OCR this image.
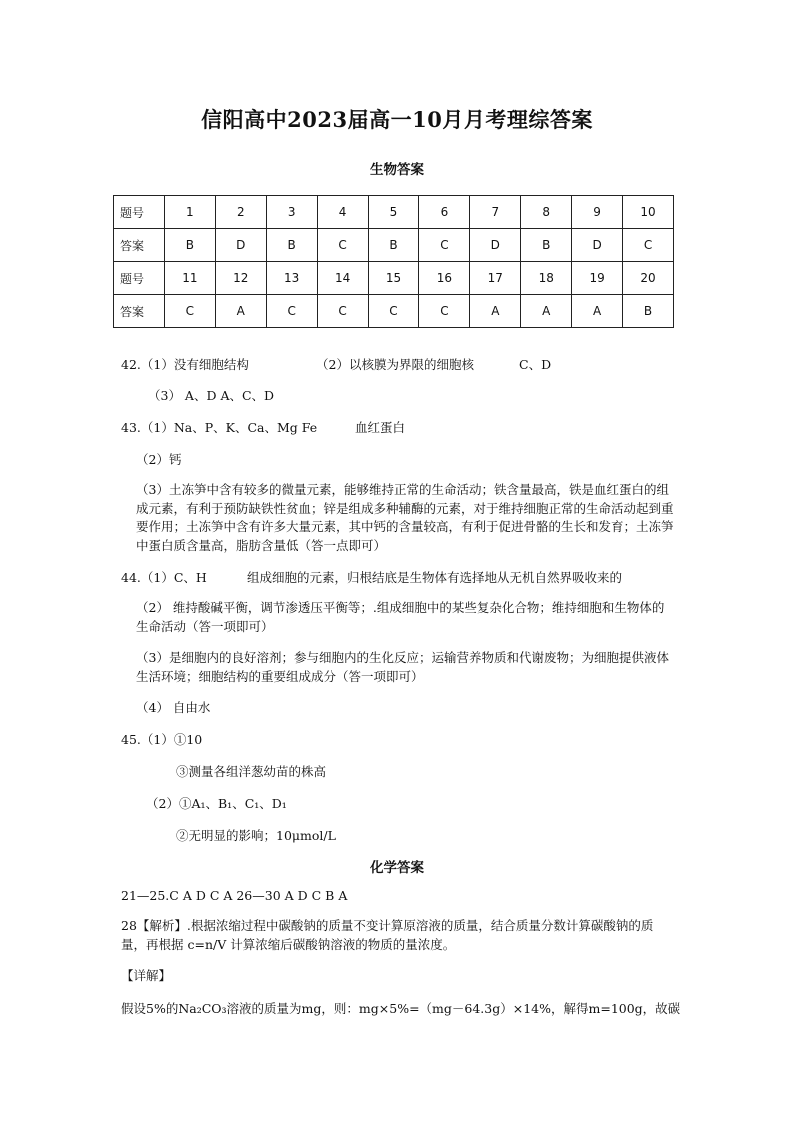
信阳高中2023届高一10月月考理综答案
生物答案
题号	1	2	3	4	5	6	7	8	9	10
答案	B	D	B	C	B	C	D	B	D	C
题号	11	12	13	14	15	16	17	18	19	20
答案	C	A	C	C	C	C	A	A	A	B
42.（1）没有细胞结构	（2）以核膜为界限的细胞核	C、D
（3） A、D A、C、D
43.（1）Na、P、K、Ca、Mg Fe	血红蛋白
（2）钙
（3）土冻笋中含有较多的微量元素，能够维持正常的生命活动；铁含量最高，铁是血红蛋白的组成元素，有利于预防缺铁性贫血；锌是组成多种辅酶的元素，对于维持细胞正常的生命活动起到重要作用；土冻笋中含有许多大量元素，其中钙的含量较高，有利于促进骨骼的生长和发育；土冻笋中蛋白质含量高，脂肪含量低（答一点即可）
44.（1）C、H	组成细胞的元素，归根结底是生物体有选择地从无机自然界吸收来的
（2） 维持酸碱平衡，调节渗透压平衡等；.组成细胞中的某些复杂化合物；维持细胞和生物体的生命活动（答一项即可）
（3）是细胞内的良好溶剂；参与细胞内的生化反应；运输营养物质和代谢废物；为细胞提供液体生活环境；细胞结构的重要组成成分（答一项即可）
（4） 自由水
45.（1）①10
③测量各组洋葱幼苗的株高
（2）①A₁、B₁、C₁、D₁
②无明显的影响；10μmol/L
化学答案
21—25.C A D C A 26—30 A D C B A
28【解析】.根据浓缩过程中碳酸钠的质量不变计算原溶液的质量，结合质量分数计算碳酸钠的质量，再根据 c=n/V 计算浓缩后碳酸钠溶液的物质的量浓度。
【详解】
假设5%的Na₂CO₃溶液的质量为mg，则：mg×5%=（mg－64.3g）×14%，解得m=100g，故碳
